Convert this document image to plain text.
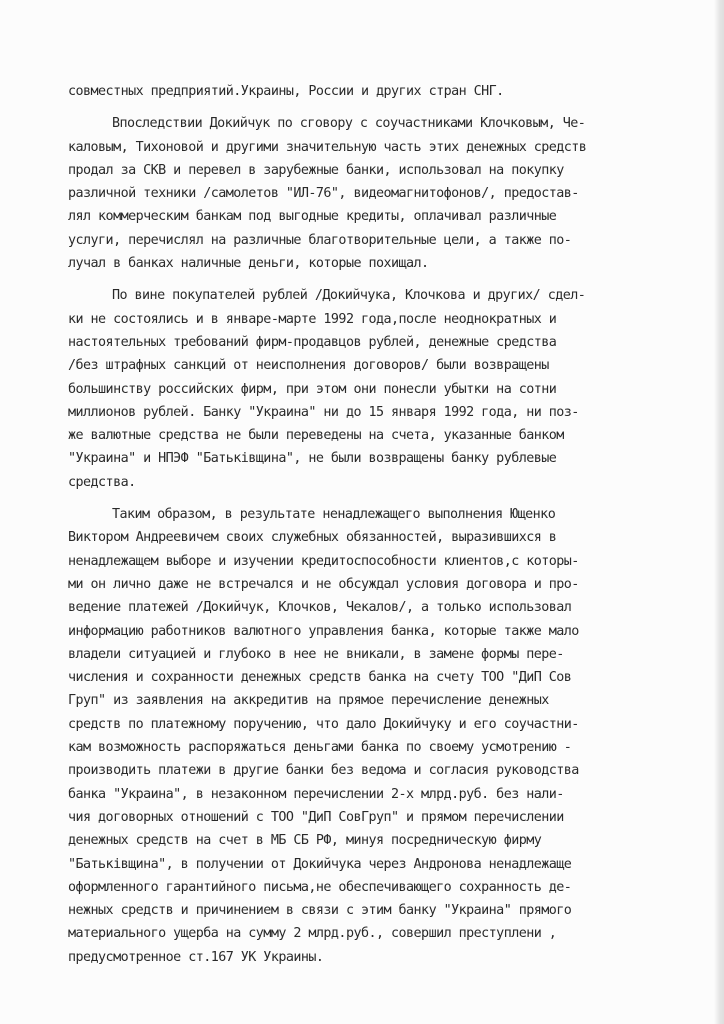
совместных предприятий.Украины, России и других стран СНГ.
Впоследствии Докийчук по сговору с соучастниками Клочковым, Че-
каловым, Тихоновой и другими значительную часть этих денежных средств
продал за СКВ и перевел в зарубежные банки, использовал на покупку
различной техники /самолетов "ИЛ-76", видеомагнитофонов/, предостав-
лял коммерческим банкам под выгодные кредиты, оплачивал различные
услуги, перечислял на различные благотворительные цели, а также по-
лучал в банках наличные деньги, которые похищал.
По вине покупателей рублей /Докийчука, Клочкова и других/ сдел-
ки не состоялись и в январе-марте 1992 года,после неоднократных и
настоятельных требований фирм-продавцов рублей, денежные средства
/без штрафных санкций от неисполнения договоров/ были возвращены
большинству российских фирм, при этом они понесли убытки на сотни
миллионов рублей. Банку "Украина" ни до 15 января 1992 года, ни поз-
же валютные средства не были переведены на счета, указанные банком
"Украина" и НПЭФ "Батьківщина", не были возвращены банку рублевые
средства.
Таким образом, в результате ненадлежащего выполнения Ющенко
Виктором Андреевичем своих служебных обязанностей, выразившихся в
ненадлежащем выборе и изучении кредитоспособности клиентов,с которы-
ми он лично даже не встречался и не обсуждал условия договора и про-
ведение платежей /Докийчук, Клочков, Чекалов/, а только использовал
информацию работников валютного управления банка, которые также мало
владели ситуацией и глубоко в нее не вникали, в замене формы пере-
числения и сохранности денежных средств банка на счету ТОО "ДиП Сов
Груп" из заявления на аккредитив на прямое перечисление денежных
средств по платежному поручению, что дало Докийчуку и его соучастни-
кам возможность распоряжаться деньгами банка по своему усмотрению -
производить платежи в другие банки без ведома и согласия руководства
банка "Украина", в незаконном перечислении 2-х млрд.руб. без нали-
чия договорных отношений с ТОО "ДиП СовГруп" и прямом перечислении
денежных средств на счет в МБ СБ РФ, минуя посредническую фирму
"Батьківщина", в получении от Докийчука через Андронова ненадлежаще
оформленного гарантийного письма,не обеспечивающего сохранность де-
нежных средств и причинением в связи с этим банку "Украина" прямого
материального ущерба на сумму 2 млрд.руб., совершил преступлени ,
предусмотренное ст.167 УК Украины.
